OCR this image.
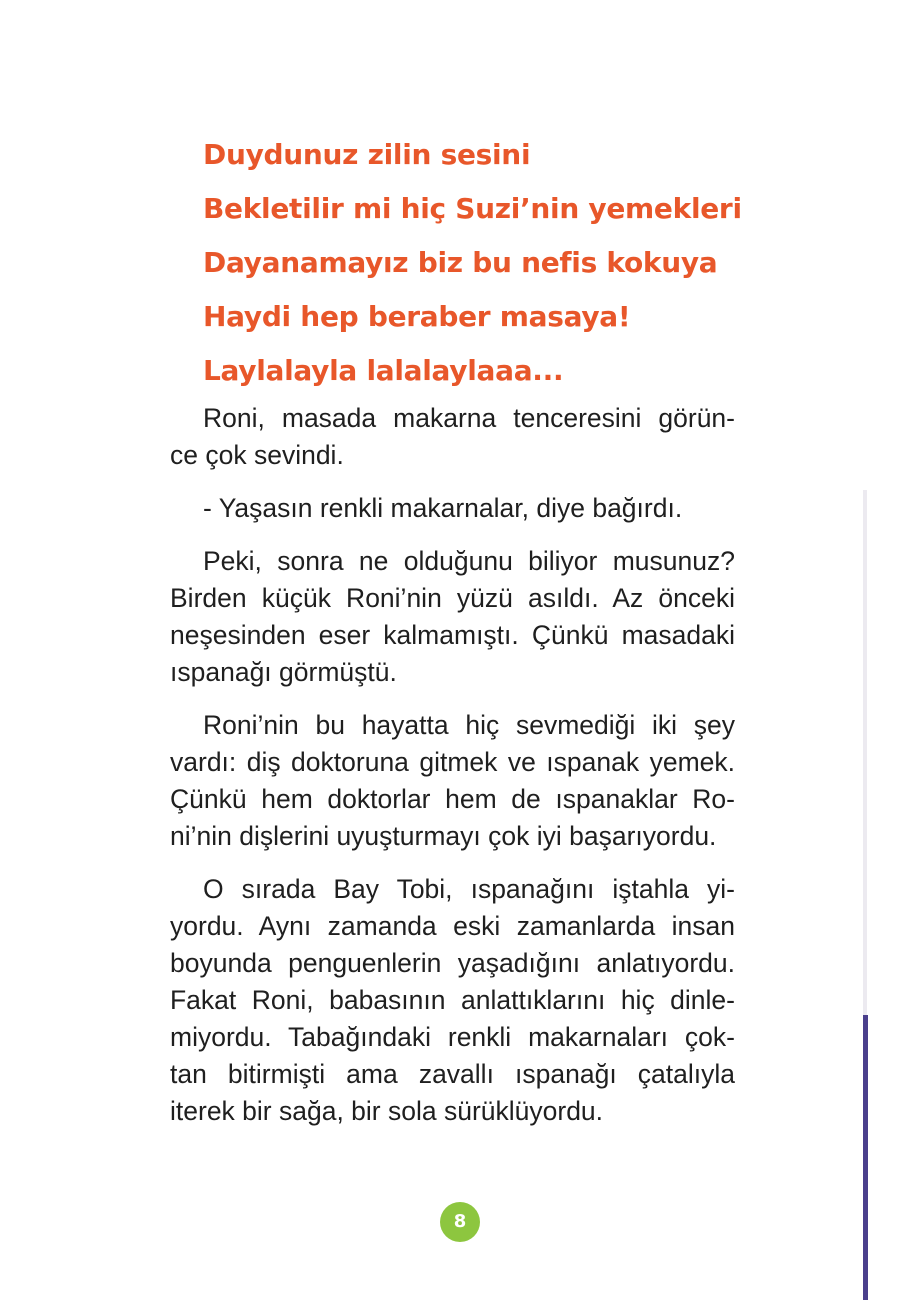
Duydunuz zilin sesini
Bekletilir mi hiç Suzi’nin yemekleri
Dayanamayız biz bu nefis kokuya
Haydi hep beraber masaya!
Laylalayla lalalaylaaa...
Roni, masada makarna tenceresini görün-
ce çok sevindi.
- Yaşasın renkli makarnalar, diye bağırdı.
Peki, sonra ne olduğunu biliyor musunuz?
Birden küçük Roni’nin yüzü asıldı. Az önceki
neşesinden eser kalmamıştı. Çünkü masadaki
ıspanağı görmüştü.
Roni’nin bu hayatta hiç sevmediği iki şey
vardı: diş doktoruna gitmek ve ıspanak yemek.
Çünkü hem doktorlar hem de ıspanaklar Ro-
ni’nin dişlerini uyuşturmayı çok iyi başarıyordu.
O sırada Bay Tobi, ıspanağını iştahla yi-
yordu. Aynı zamanda eski zamanlarda insan
boyunda penguenlerin yaşadığını anlatıyordu.
Fakat Roni, babasının anlattıklarını hiç dinle-
miyordu. Tabağındaki renkli makarnaları çok-
tan bitirmişti ama zavallı ıspanağı çatalıyla
iterek bir sağa, bir sola sürüklüyordu.
8
